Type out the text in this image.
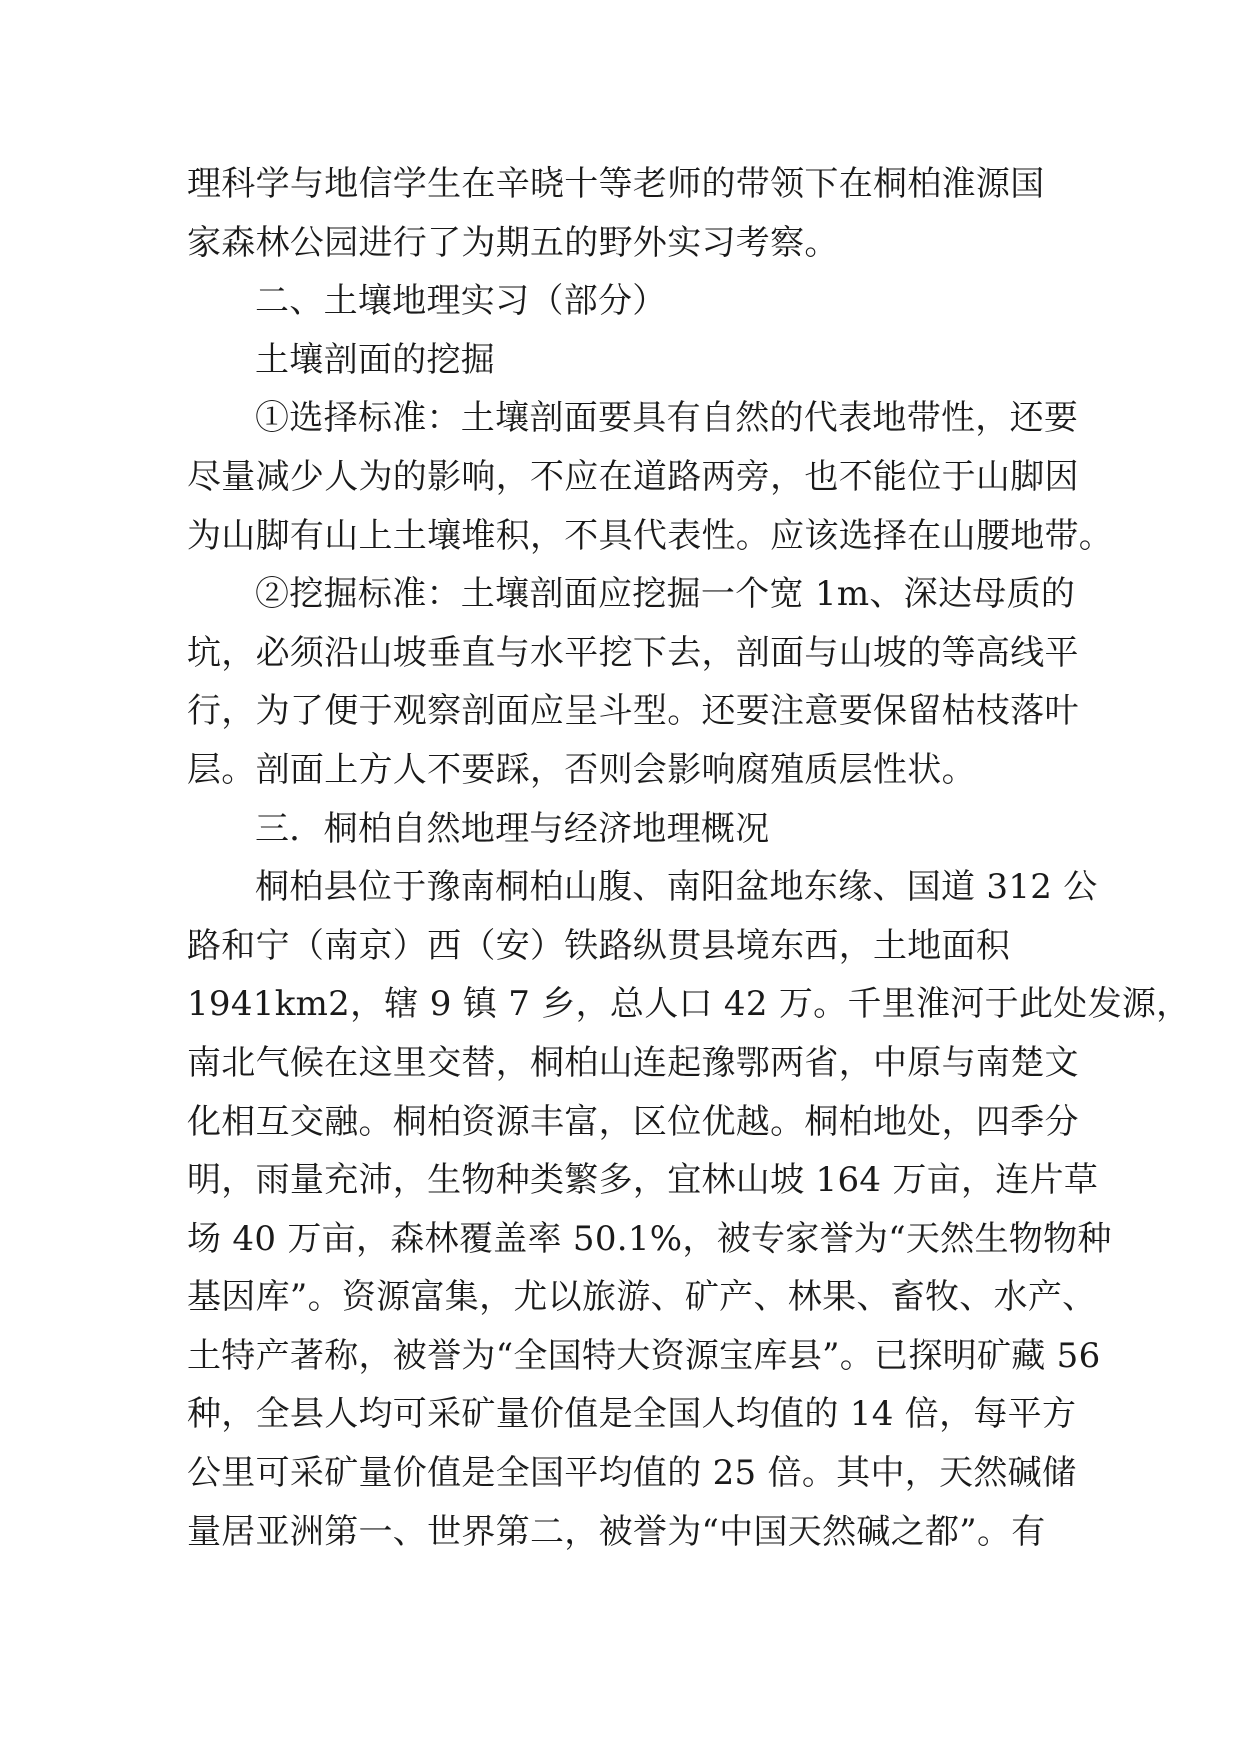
理科学与地信学生在辛晓十等老师的带领下在桐柏淮源国
家森林公园进行了为期五的野外实习考察。
二、土壤地理实习（部分）
土壤剖面的挖掘
①选择标准：土壤剖面要具有自然的代表地带性，还要
尽量减少人为的影响，不应在道路两旁，也不能位于山脚因
为山脚有山上土壤堆积，不具代表性。应该选择在山腰地带。
②挖掘标准：土壤剖面应挖掘一个宽 1m、深达母质的
坑，必须沿山坡垂直与水平挖下去，剖面与山坡的等高线平
行，为了便于观察剖面应呈斗型。还要注意要保留枯枝落叶
层。剖面上方人不要踩，否则会影响腐殖质层性状。
三．桐柏自然地理与经济地理概况
桐柏县位于豫南桐柏山腹、南阳盆地东缘、国道 312 公
路和宁（南京）西（安）铁路纵贯县境东西，土地面积
1941km2，辖 9 镇 7 乡，总人口 42 万。千里淮河于此处发源，
南北气候在这里交替，桐柏山连起豫鄂两省，中原与南楚文
化相互交融。桐柏资源丰富，区位优越。桐柏地处，四季分
明，雨量充沛，生物种类繁多，宜林山坡 164 万亩，连片草
场 40 万亩，森林覆盖率 50.1%，被专家誉为“天然生物物种
基因库”。资源富集，尤以旅游、矿产、林果、畜牧、水产、
土特产著称，被誉为“全国特大资源宝库县”。已探明矿藏 56
种，全县人均可采矿量价值是全国人均值的 14 倍，每平方
公里可采矿量价值是全国平均值的 25 倍。其中，天然碱储
量居亚洲第一、世界第二，被誉为“中国天然碱之都”。有
